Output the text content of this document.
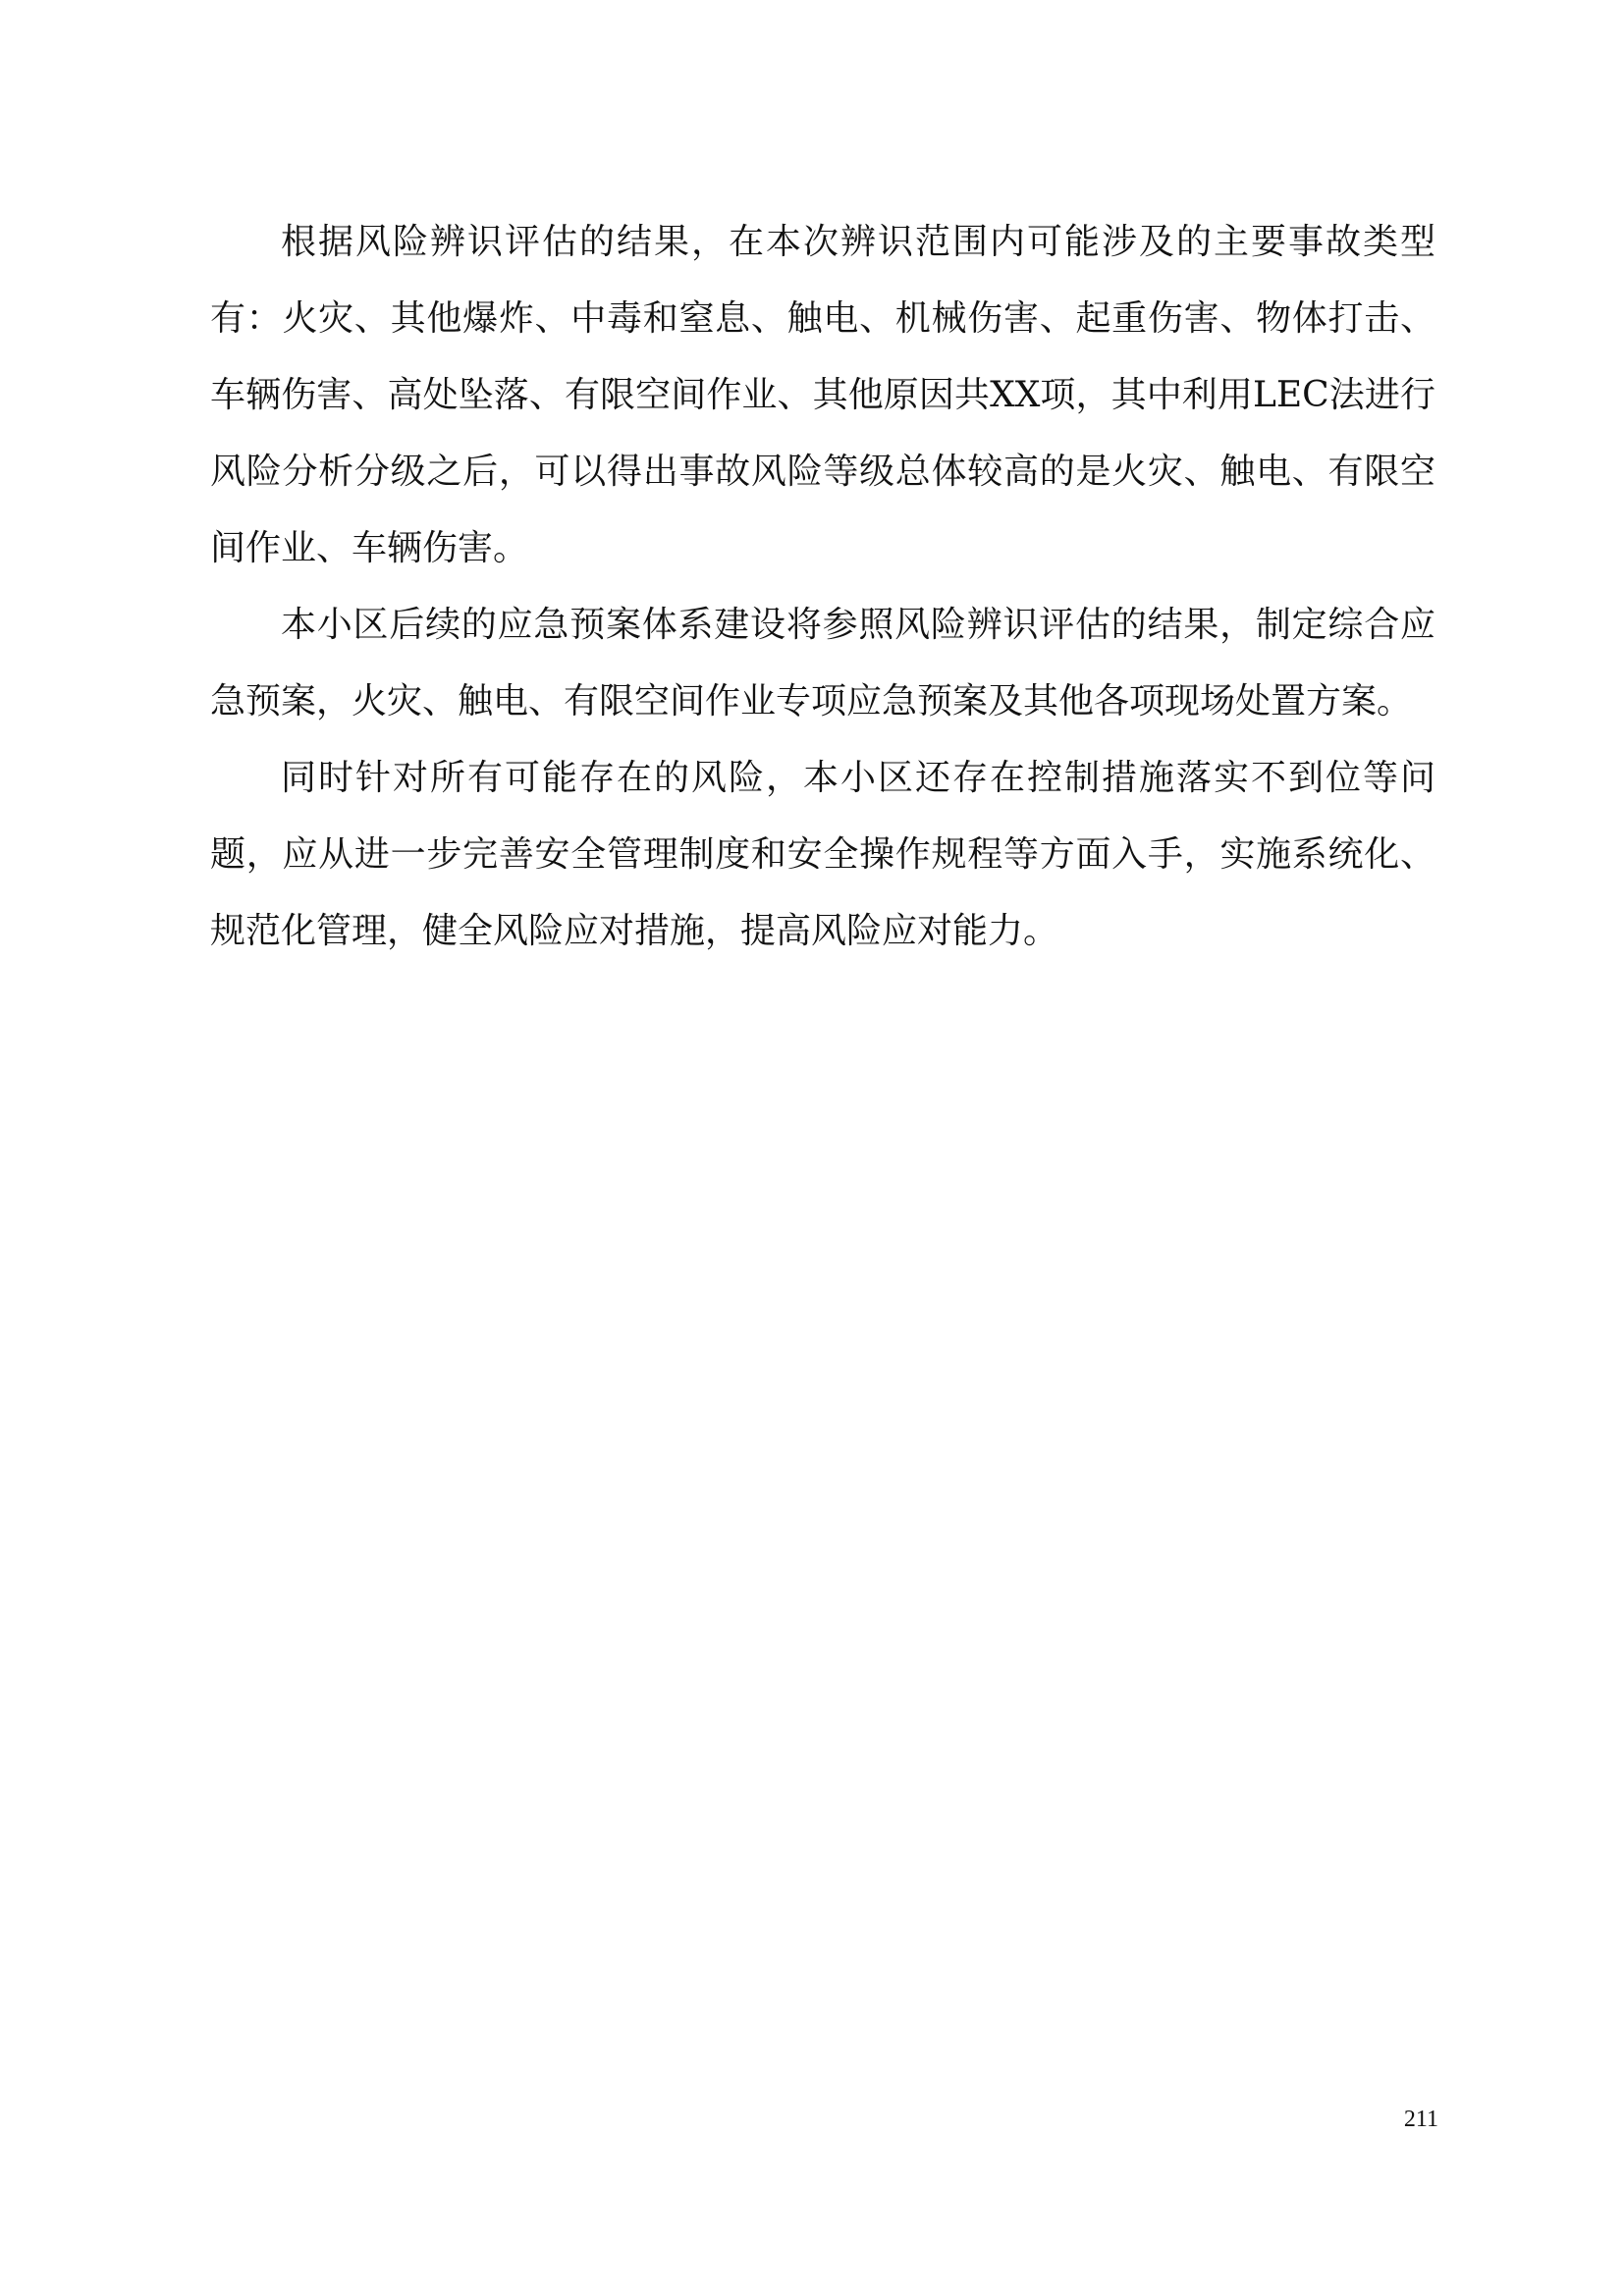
根据风险辨识评估的结果，在本次辨识范围内可能涉及的主要事故类型有：火灾、其他爆炸、中毒和窒息、触电、机械伤害、起重伤害、物体打击、车辆伤害、高处坠落、有限空间作业、其他原因共XX项，其中利用LEC法进行风险分析分级之后，可以得出事故风险等级总体较高的是火灾、触电、有限空间作业、车辆伤害。

本小区后续的应急预案体系建设将参照风险辨识评估的结果，制定综合应急预案，火灾、触电、有限空间作业专项应急预案及其他各项现场处置方案。

同时针对所有可能存在的风险，本小区还存在控制措施落实不到位等问题，应从进一步完善安全管理制度和安全操作规程等方面入手，实施系统化、规范化管理，健全风险应对措施，提高风险应对能力。

211
